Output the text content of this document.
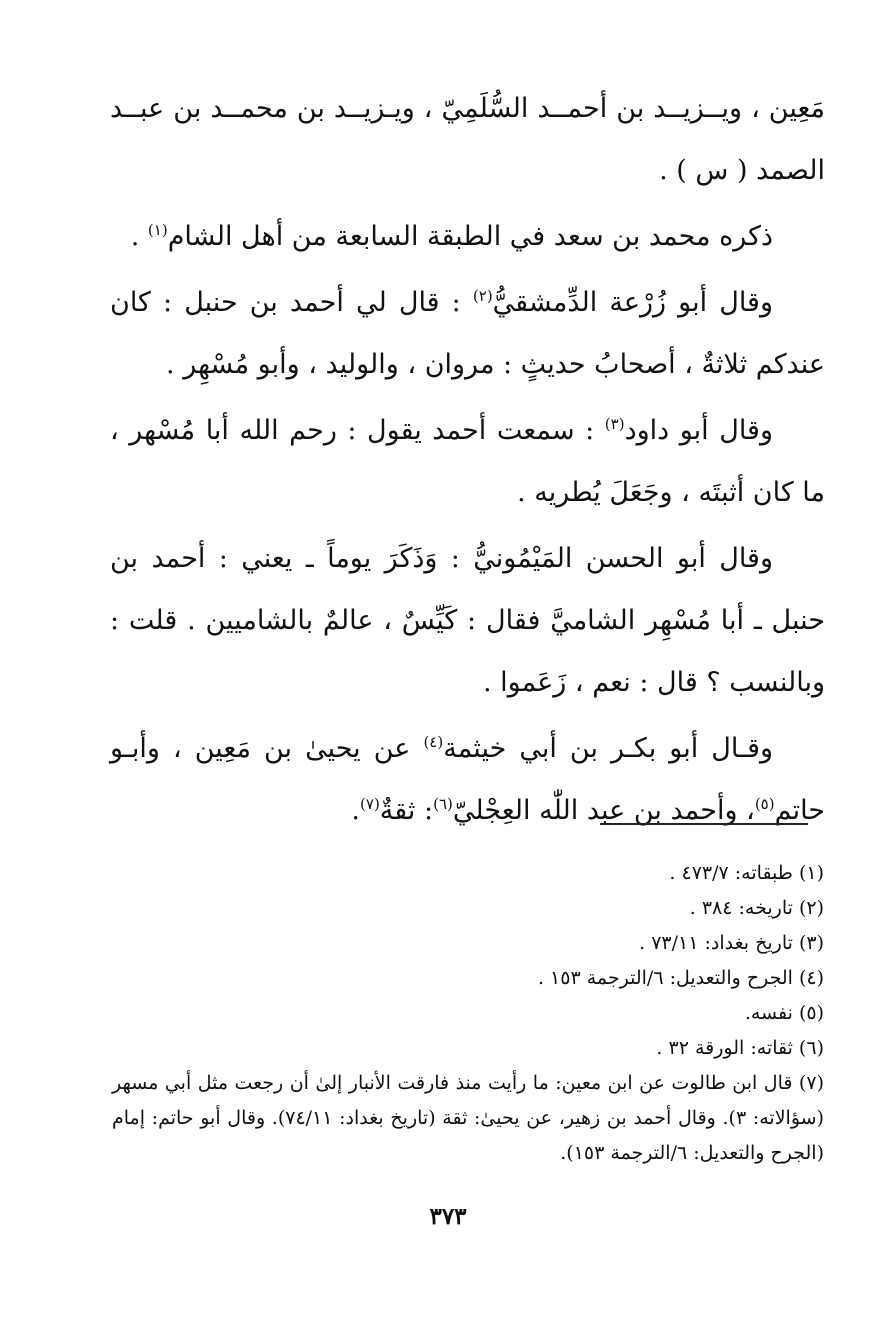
مَعِين ، ويــزيــد بن أحمــد السُّلَمِيّ ، ويـزيــد بن محمــد بن عبــد الصمد ( س ) .

ذكره محمد بن سعد في الطبقة السابعة من أهل الشام$^{(١)}$ .

وقال أبو زُرْعة الدِّمشقيُّ$^{(٢)}$ : قال لي أحمد بن حنبل : كان عندكم ثلاثةٌ ، أصحابُ حديثٍ : مروان ، والوليد ، وأبو مُسْهِر .

وقال أبو داود$^{(٣)}$ : سمعت أحمد يقول : رحم الله أبا مُسْهر ، ما كان أثبتَه ، وجَعَلَ يُطريه .

وقال أبو الحسن المَيْمُونيُّ : وَذَكَرَ يوماً ـ يعني : أحمد بن حنبل ـ أبا مُسْهِر الشاميَّ فقال : كَيِّسٌ ، عالمٌ بالشاميين . قلت : وبالنسب ؟ قال : نعم ، زَعَموا .

وقـال أبو بكـر بن أبي خيثمة$^{(٤)}$ عن يحيىٰ بن مَعِين ، وأبـو حاتم$^{(٥)}$، وأحمد بن عبد اللّٰه العِجْليّ$^{(٦)}$: ثقةٌ$^{(٧)}$.

(١) طبقاته: ٤٧٣/٧ .

(٢) تاريخه: ٣٨٤ .

(٣) تاريخ بغداد: ٧٣/١١ .

(٤) الجرح والتعديل: ٦/الترجمة ١٥٣ .

(٥) نفسه.

(٦) ثقاته: الورقة ٣٢ .

(٧) قال ابن طالوت عن ابن معين: ما رأيت منذ فارقت الأنبار إلىٰ أن رجعت مثل أبي مسهر (سؤالاته: ٣). وقال أحمد بن زهير، عن يحيىٰ: ثقة (تاريخ بغداد: ٧٤/١١). وقال أبو حاتم: إمام (الجرح والتعديل: ٦/الترجمة ١٥٣).

٣٧٣
